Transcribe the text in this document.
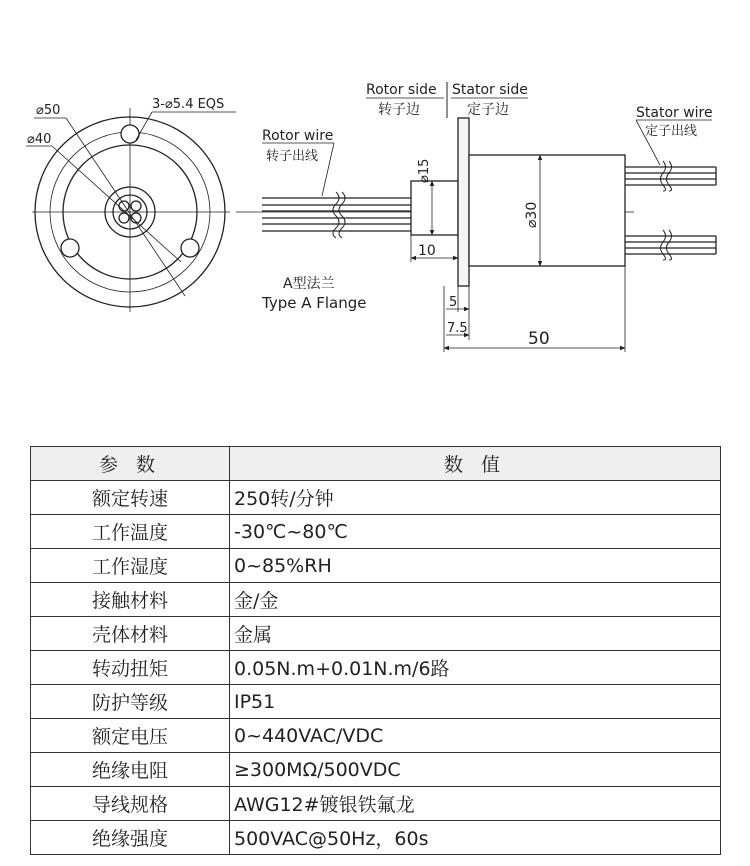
⌀50
⌀40
3-⌀5.4 EQS
Rotor side
转子边
Stator side
定子边
Rotor wire
转子出线
Stator wire
定子出线
A型法兰
Type A Flange
⌀15
⌀30
10
5
7.5
50
参 数	数 值
额定转速	250转/分钟
工作温度	-30℃~80℃
工作湿度	0~85%RH
接触材料	金/金
壳体材料	金属
转动扭矩	0.05N.m+0.01N.m/6路
防护等级	IP51
额定电压	0~440VAC/VDC
绝缘电阻	≥300MΩ/500VDC
导线规格	AWG12#镀银铁氟龙
绝缘强度	500VAC@50Hz，60s
